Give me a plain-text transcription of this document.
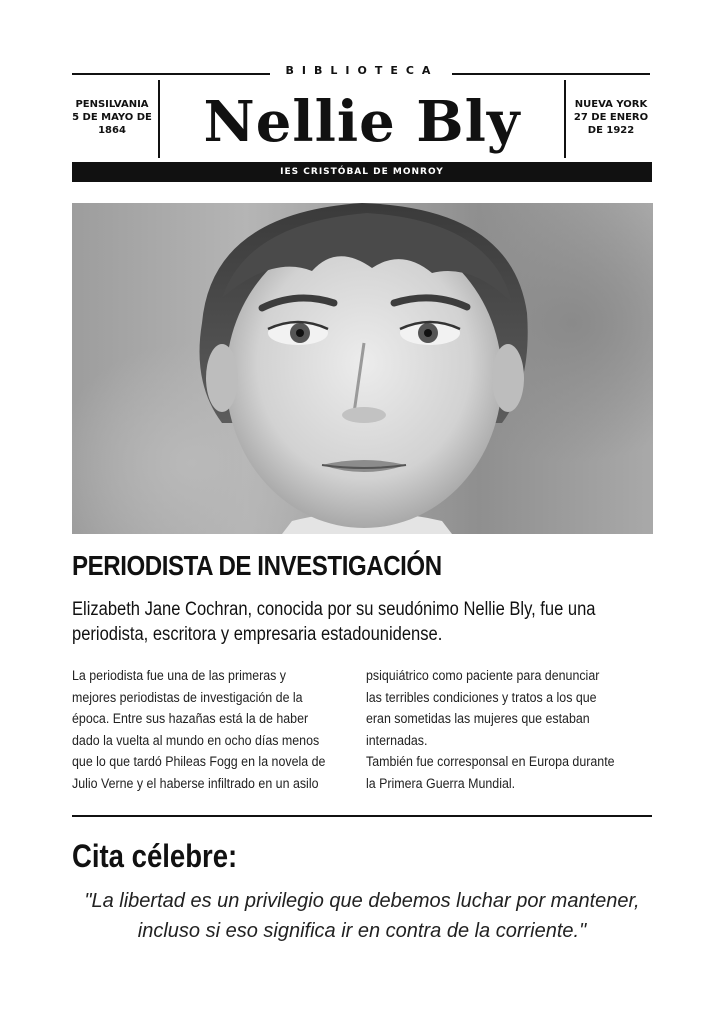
BIBLIOTECA
PENSILVANIA
5 DE MAYO DE
1864	Nellie Bly	NUEVA YORK
27 DE ENERO
DE 1922
IES CRISTÓBAL DE MONROY
PERIODISTA DE INVESTIGACIÓN
Elizabeth Jane Cochran, conocida por su seudónimo Nellie Bly, fue una periodista, escritora y empresaria estadounidense.
La periodista fue una de las primeras y
mejores periodistas de investigación de la
época. Entre sus hazañas está la de haber
dado la vuelta al mundo en ocho días menos
que lo que tardó Phileas Fogg en la novela de
Julio Verne y el haberse infiltrado en un asilo
psiquiátrico como paciente para denunciar
las terribles condiciones y tratos a los que
eran sometidas las mujeres que estaban
internadas.
También fue corresponsal en Europa durante
la Primera Guerra Mundial.
Cita célebre:
"La libertad es un privilegio que debemos luchar por mantener,
incluso si eso significa ir en contra de la corriente."
